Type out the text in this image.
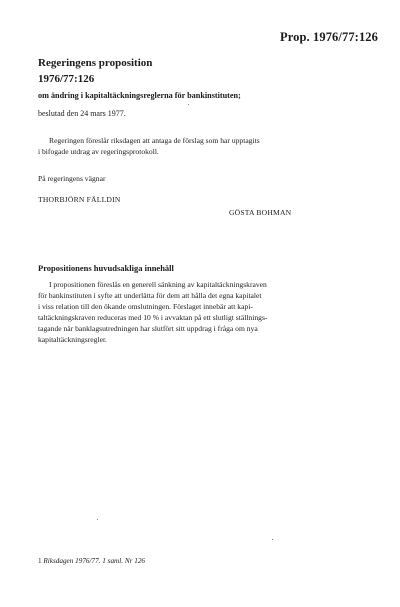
Prop. 1976/77:126
Regeringens proposition
1976/77:126
om ändring i kapitaltäckningsreglerna för bankinstituten;
beslutad den 24 mars 1977.
Regeringen föreslår riksdagen att antaga de förslag som har upptagits
i bifogade utdrag av regeringsprotokoll.
På regeringens vägnar
THORBJÖRN FÄLLDIN
GÖSTA BOHMAN
Propositionens huvudsakliga innehåll
I propositionen föreslås en generell sänkning av kapitaltäckningskraven
för bankinstituten i syfte att underlätta för dem att hålla det egna kapitalet
i viss relation till den ökande omslutningen. Förslaget innebär att kapi-
taltäckningskraven reduceras med 10 % i avvaktan på ett slutligt ställnings-
tagande när banklagsutredningen har slutfört sitt uppdrag i fråga om nya
kapitaltäckningsregler.
1 Riksdagen 1976/77. 1 saml. Nr 126
